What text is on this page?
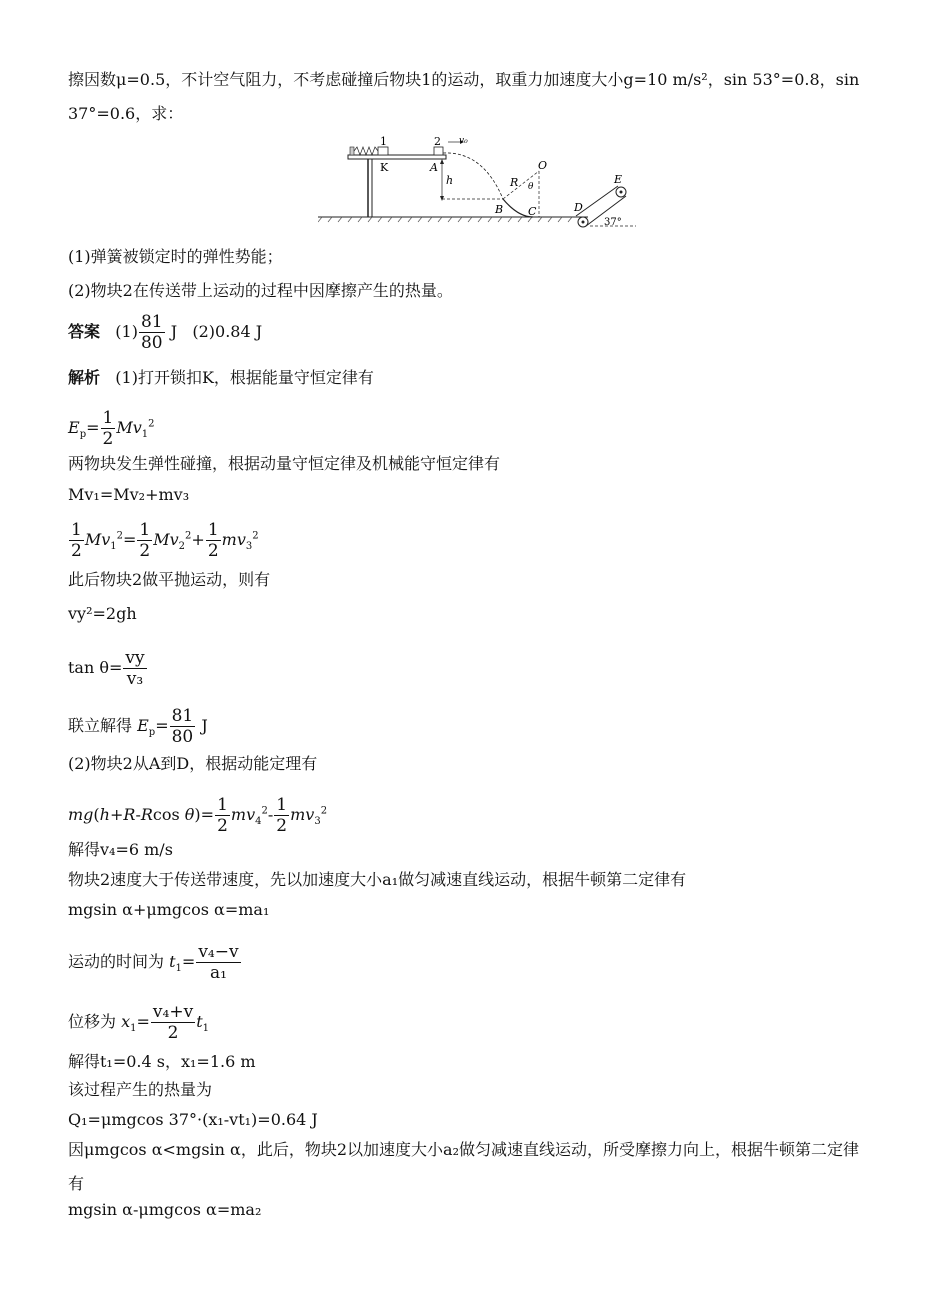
擦因数μ=0.5，不计空气阻力，不考虑碰撞后物块1的运动，取重力加速度大小g=10 m/s²，sin 53°=0.8，sin 37°=0.6，求：
1
K
2 v₀
A
h
O
R θ
B C	D
E
37°
(1)弹簧被锁定时的弹性势能；
(2)物块2在传送带上运动的过程中因摩擦产生的热量。
答案 $(1) \frac{81}{80}$ J (2)0.84 J
解析 (1)打开锁扣K，根据能量守恒定律有
$E_p= \frac{1}{2} Mv_1^2$
两物块发生弹性碰撞，根据动量守恒定律及机械能守恒定律有
Mv₁=Mv₂+mv₃
$\frac{1}{2} Mv_1^2= \frac{1}{2} Mv_2^2+ \frac{1}{2} mv_3^2$
此后物块2做平抛运动，则有
vy²=2gh
$\tan \theta= \frac{vy}{\text{v₃}}$
联立解得 $E_p= \frac{81}{80}$ J
(2)物块2从A到D，根据动能定理有
mg(h+R-Rcos $\theta)= \frac{1}{2} mv_4^2- \frac{1}{2} mv_3^2$
解得v₄=6 m/s
物块2速度大于传送带速度，先以加速度大小a₁做匀减速直线运动，根据牛顿第二定律有
mgsin α+μmgcos α=ma₁
运动的时间为 $t_1= \frac{\text{v₄−v}}{\text{a₁}}$
位移为 $x_1= \frac{\text{v₄+v}}{2} t_1$
解得t₁=0.4 s，x₁=1.6 m
该过程产生的热量为
Q₁=μmgcos 37°·(x₁-vt₁)=0.64 J
因μmgcos α<mgsin α，此后，物块2以加速度大小a₂做匀减速直线运动，所受摩擦力向上，根据牛顿第二定律有
mgsin α-μmgcos α=ma₂
